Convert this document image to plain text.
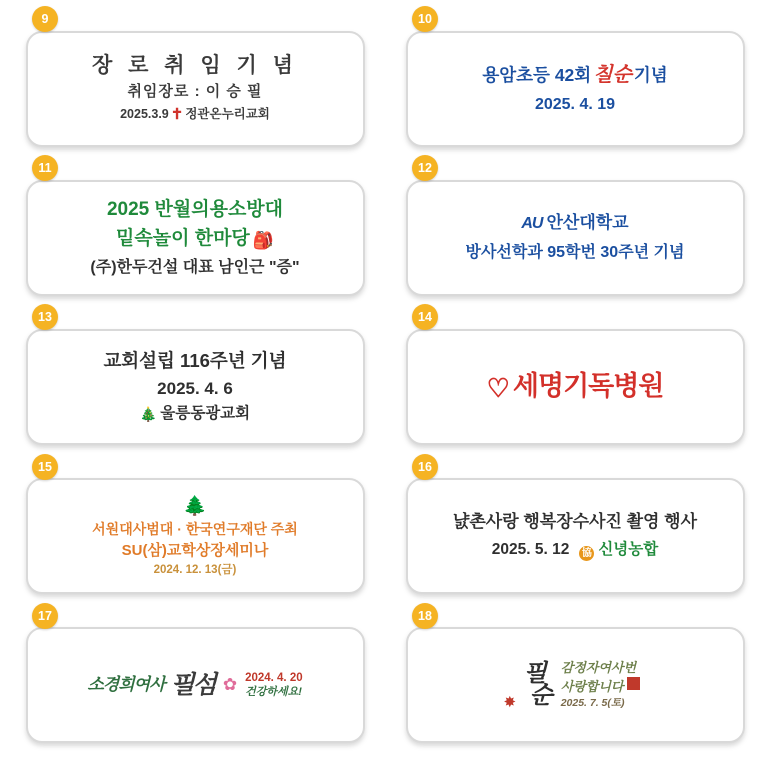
9
장 로 취 임 기 념
취임장로 : 이 승 필
2025.3.9 ✝ 정관온누리교회
10
용암초등 42회 칠순 기념
2025. 4. 19
11
2025 반월의용소방대
밑속놀이 한마당 🎒
(주)한두건설 대표 남인근 "증"
12
AU 안산대학교
방사선학과 95학번 30주년 기념
13
교회설립 116주년 기념
2025. 4. 6
🎄 울릉동광교회
14
♡ 세명기독병원
15
🌲
서원대사범대 · 한국연구재단 주최
SU(삼)교학상장세미나
2024. 12. 13(금)
16
냜촌사랑 행복장수사진 촬영 행사
2025. 5. 12 協 신녕농합
17
소경희여사 필섬 ✿ 2024. 4. 20
건강하세요!
18
필
순
✸
감정자여사번
사랑합니다
2025. 7. 5(토)
